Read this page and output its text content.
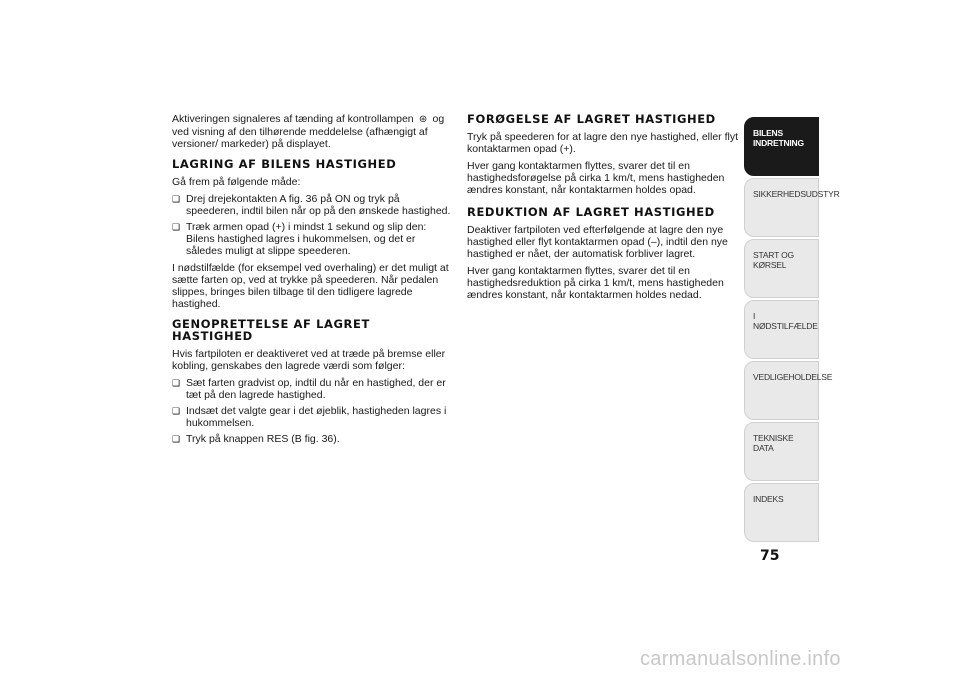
Aktiveringen signaleres af tænding af kontrollampen ⊛ og ved visning af den tilhørende meddelelse (afhængigt af versioner/ markeder) på displayet.

LAGRING AF BILENS HASTIGHED

Gå frem på følgende måde:

❑ Drej drejekontakten A fig. 36 på ON og tryk på speederen, indtil bilen når op på den ønskede hastighed.
❑ Træk armen opad (+) i mindst 1 sekund og slip den: Bilens hastighed lagres i hukommelsen, og det er således muligt at slippe speederen.

I nødstilfælde (for eksempel ved overhaling) er det muligt at sætte farten op, ved at trykke på speederen. Når pedalen slippes, bringes bilen tilbage til den tidligere lagrede hastighed.

GENOPRETTELSE AF LAGRET HASTIGHED

Hvis fartpiloten er deaktiveret ved at træde på bremse eller kobling, genskabes den lagrede værdi som følger:

❑ Sæt farten gradvist op, indtil du når en hastighed, der er tæt på den lagrede hastighed.
❑ Indsæt det valgte gear i det øjeblik, hastigheden lagres i hukommelsen.
❑ Tryk på knappen RES (B fig. 36).
FORØGELSE AF LAGRET HASTIGHED

Tryk på speederen for at lagre den nye hastighed, eller flyt kontaktarmen opad (+).

Hver gang kontaktarmen flyttes, svarer det til en hastighedsforøgelse på cirka 1 km/t, mens hastigheden ændres konstant, når kontaktarmen holdes opad.

REDUKTION AF LAGRET HASTIGHED

Deaktiver fartpiloten ved efterfølgende at lagre den nye hastighed eller flyt kontaktarmen opad (–), indtil den nye hastighed er nået, der automatisk forbliver lagret.

Hver gang kontaktarmen flyttes, svarer det til en hastighedsreduktion på cirka 1 km/t, mens hastigheden ændres konstant, når kontaktarmen holdes nedad.

BILENS INDRETNING
SIKKERHEDSUDSTYR
START OG KØRSEL
I NØDSTILFÆLDE
VEDLIGEHOLDELSE
TEKNISKE DATA
INDEKS
75
carmanualsonline.info
